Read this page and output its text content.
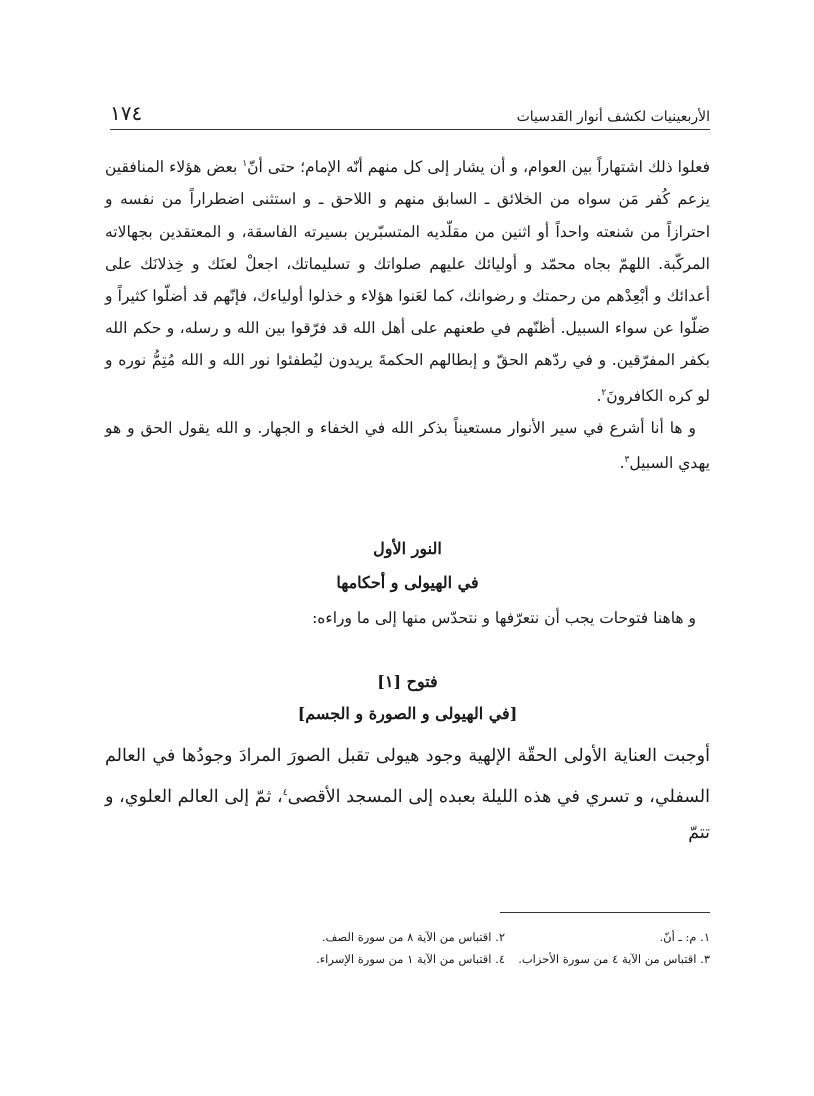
١٧٤	الأربعينيات لكشف أنوار القدسيات

فعلوا ذلك اشتهاراً بين العوام، و أن يشار إلى كل منهم أنّه الإمام؛ حتى أنّ$^١$ بعض هؤلاء المنافقين يزعم كُفر مَن سواه من الخلائق ـ السابق منهم و اللاحق ـ و استثنى اضطراراً من نفسه و احترازاً من شنعته واحداً أو اثنين من مقلّديه المتسبّرين بسيرته الفاسقة، و المعتقدين بجهالاته المركّبة. اللهمّ بجاه محمّد و أوليائك عليهم صلواتك و تسليماتك، اجعلْ لعنَك و خِذلانَك على أعدائك و أبْعِدْهم من رحمتك و رضوانك، كما لعَنوا هؤلاء و خذلوا أولياءك، فإنّهم قد أضلّوا كثيراً و ضلّوا عن سواء السبيل. أظنّهم في طعنهم على أهل الله قد فرّقوا بين الله و رسله، و حكم الله بكفر المفرّقين. و في ردّهم الحقّ و إبطالهم الحكمةَ يريدون ليُطفئوا نور الله و الله مُتِمُّ نوره و لو كره الكافرونَ$^٢$.

و ها أنا أشرع في سير الأنوار مستعيناً بذكر الله في الخفاء و الجهار. و الله يقول الحق و هو يهدي السبيل$^٣$.

النور الأول

في الهيولى و أحكامها

و هاهنا فتوحات يجب أن نتعرّفها و نتحدّس منها إلى ما وراءه:

فتوح [١]

[في الهيولى و الصورة و الجسم]

أوجبت العناية الأولى الحقّة الإلهية وجود هيولى تقبل الصورَ المرادَ وجودُها في العالم السفلي، و تسري في هذه الليلة بعبده إلى المسجد الأقصى$^٤$، ثمّ إلى العالم العلوي، و تتمّ

١. م: ـ أنّ.
٢. اقتباس من الآية ٨ من سورة الصف.
٣. اقتباس من الآية ٤ من سورة الأحزاب.
٤. اقتباس من الآية ١ من سورة الإسراء.
